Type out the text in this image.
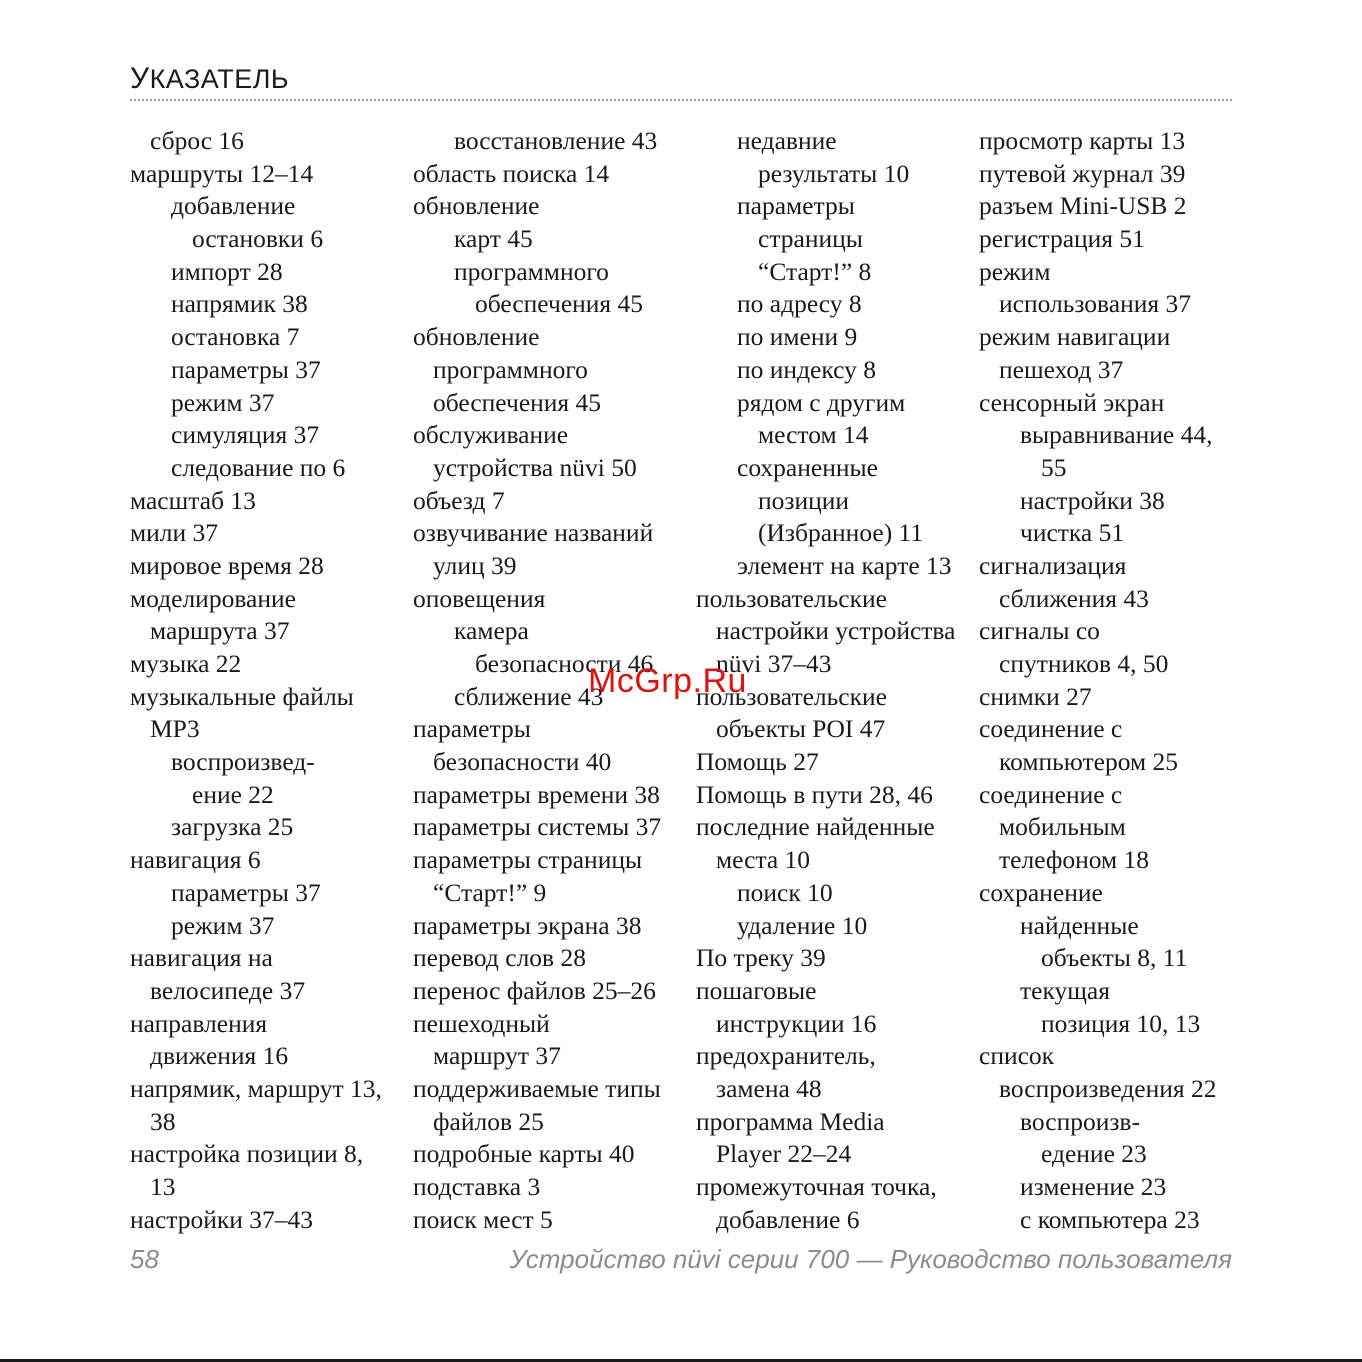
УКАЗАТЕЛЬ
сброс 16
маршруты 12–14
добавление
остановки 6
импорт 28
напрямик 38
остановка 7
параметры 37
режим 37
симуляция 37
следование по 6
масштаб 13
мили 37
мировое время 28
моделирование
маршрута 37
музыка 22
музыкальные файлы
MP3
воспроизвед-
ение 22
загрузка 25
навигация 6
параметры 37
режим 37
навигация на
велосипеде 37
направления
движения 16
напрямик, маршрут 13,
38
настройка позиции 8,
13
настройки 37–43
восстановление 43
область поиска 14
обновление
карт 45
программного
обеспечения 45
обновление
программного
обеспечения 45
обслуживание
устройства nüvi 50
объезд 7
озвучивание названий
улиц 39
оповещения
камера
безопасности 46
сближение 43
параметры
безопасности 40
параметры времени 38
параметры системы 37
параметры страницы
“Старт!” 9
параметры экрана 38
перевод слов 28
перенос файлов 25–26
пешеходный
маршрут 37
поддерживаемые типы
файлов 25
подробные карты 40
подставка 3
поиск мест 5
недавние
результаты 10
параметры
страницы
“Старт!” 8
по адресу 8
по имени 9
по индексу 8
рядом с другим
местом 14
сохраненные
позиции
(Избранное) 11
элемент на карте 13
пользовательские
настройки устройства
nüvi 37–43
пользовательские
объекты POI 47
Помощь 27
Помощь в пути 28, 46
последние найденные
места 10
поиск 10
удаление 10
По треку 39
пошаговые
инструкции 16
предохранитель,
замена 48
программа Media
Player 22–24
промежуточная точка,
добавление 6
просмотр карты 13
путевой журнал 39
разъем Mini-USB 2
регистрация 51
режим
использования 37
режим навигации
пешеход 37
сенсорный экран
выравнивание 44,
55
настройки 38
чистка 51
сигнализация
сближения 43
сигналы со
спутников 4, 50
снимки 27
соединение с
компьютером 25
соединение с
мобильным
телефоном 18
сохранение
найденные
объекты 8, 11
текущая
позиция 10, 13
список
воспроизведения 22
воспроизв-
едение 23
изменение 23
с компьютера 23
McGrp.Ru
58	Устройство nüvi серии 700 — Руководство пользователя
